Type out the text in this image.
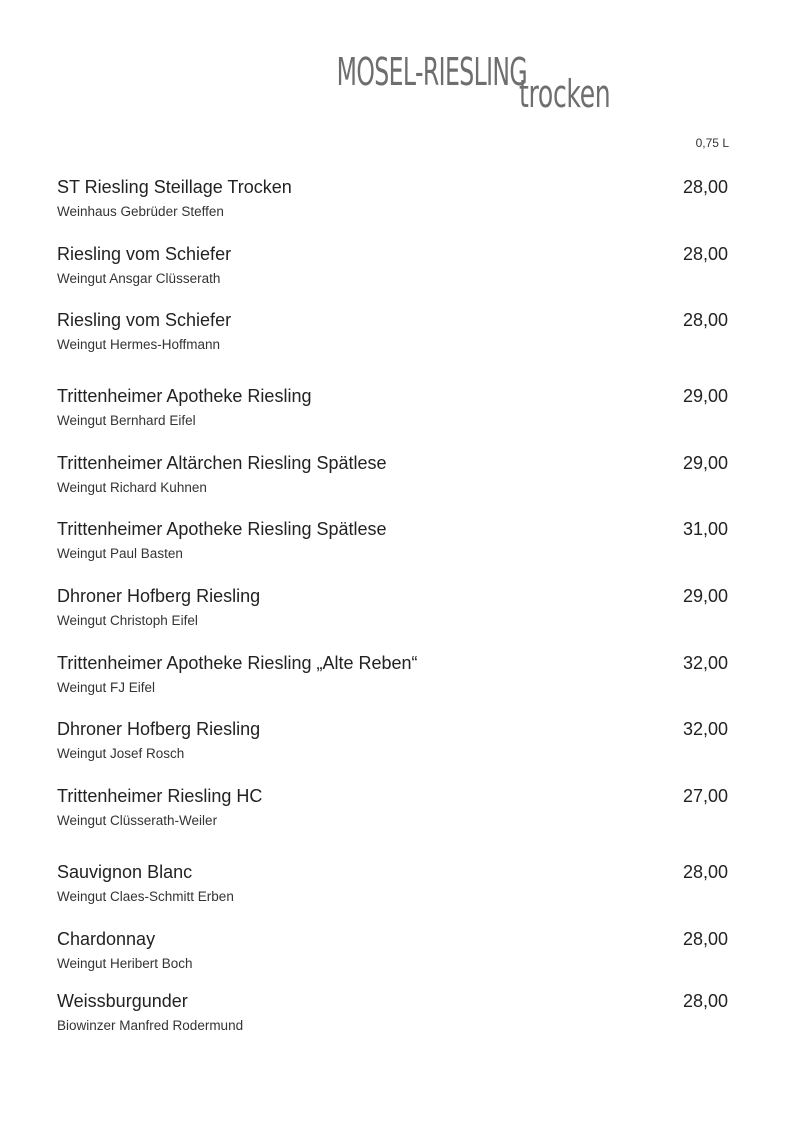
MOSEL-RIESLINGtrocken
0,75 L
ST Riesling Steillage Trocken
Weinhaus Gebrüder Steffen
28,00
Riesling vom Schiefer
Weingut Ansgar Clüsserath
28,00
Riesling vom Schiefer
Weingut Hermes-Hoffmann
28,00
Trittenheimer Apotheke Riesling
Weingut Bernhard Eifel
29,00
Trittenheimer Altärchen Riesling Spätlese
Weingut Richard Kuhnen
29,00
Trittenheimer Apotheke Riesling Spätlese
Weingut Paul Basten
31,00
Dhroner Hofberg Riesling
Weingut Christoph Eifel
29,00
Trittenheimer Apotheke Riesling „Alte Reben“
Weingut FJ Eifel
32,00
Dhroner Hofberg Riesling
Weingut Josef Rosch
32,00
Trittenheimer Riesling HC
Weingut Clüsserath-Weiler
27,00
Sauvignon Blanc
Weingut Claes-Schmitt Erben
28,00
Chardonnay
Weingut Heribert Boch
28,00
Weissburgunder
Biowinzer Manfred Rodermund
28,00
